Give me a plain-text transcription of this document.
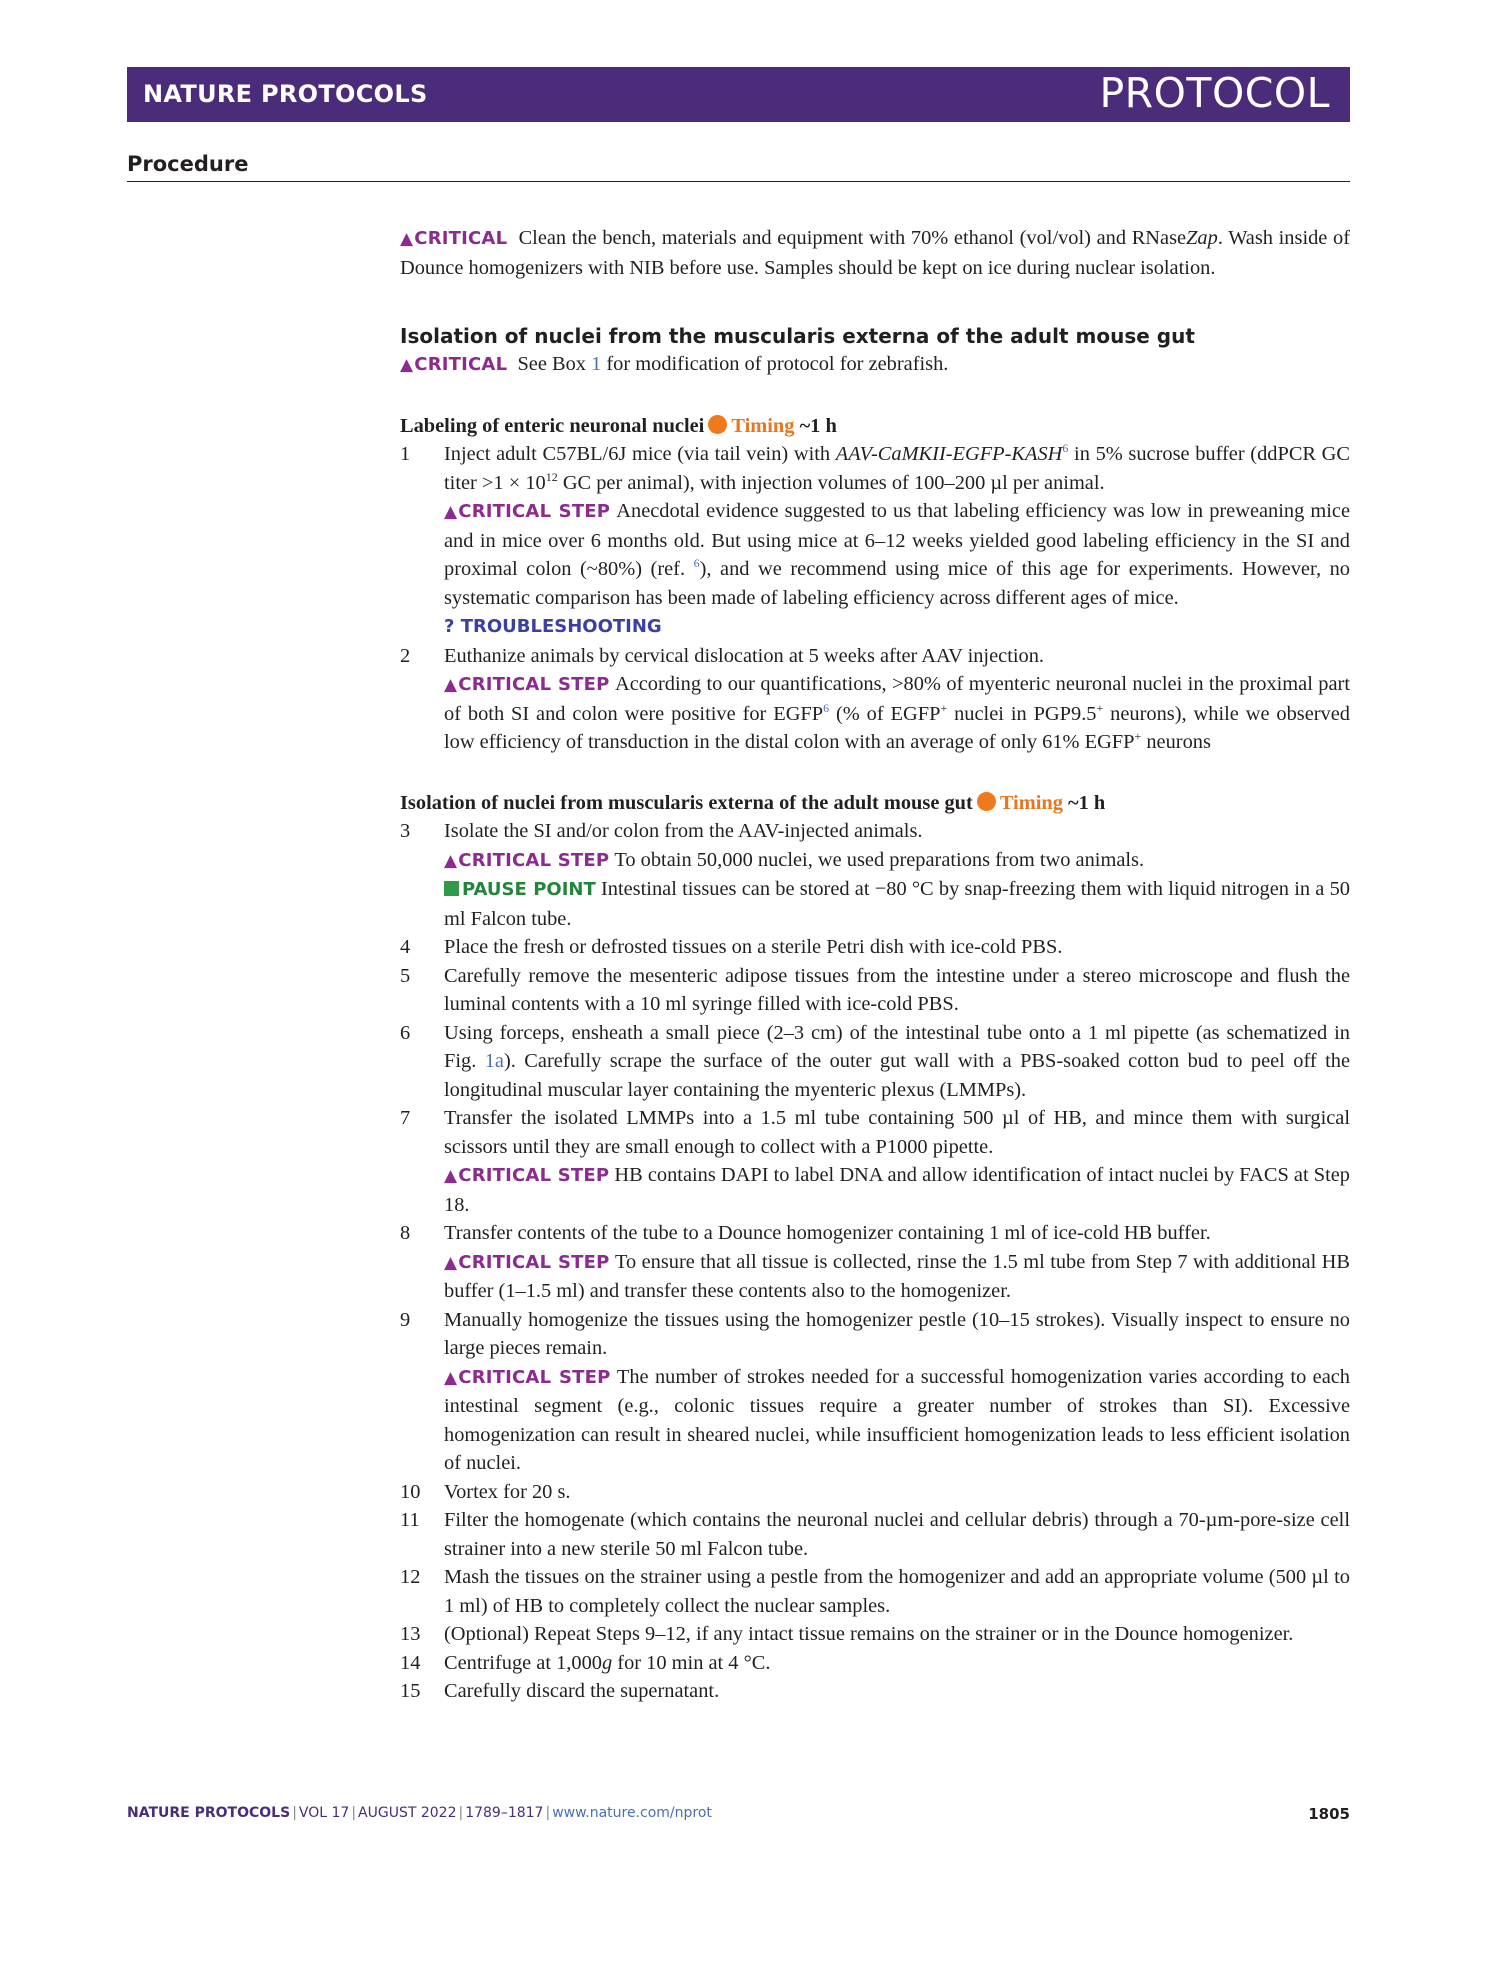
NATURE PROTOCOLS	PROTOCOL
Procedure

▲CRITICAL Clean the bench, materials and equipment with 70% ethanol (vol/vol) and RNaseZap. Wash inside of Dounce homogenizers with NIB before use. Samples should be kept on ice during nuclear isolation.

Isolation of nuclei from the muscularis externa of the adult mouse gut

▲CRITICAL See Box 1 for modification of protocol for zebrafish.

Labeling of enteric neuronal nuclei Timing ~1 h

1 Inject adult C57BL/6J mice (via tail vein) with AAV-CaMKII-EGFP-KASH$^6$ in 5% sucrose buffer (ddPCR GC titer $>1 \times 10^{12}$ GC per animal), with injection volumes of 100–200 µl per animal.

▲CRITICAL STEP Anecdotal evidence suggested to us that labeling efficiency was low in preweaning mice and in mice over 6 months old. But using mice at 6–12 weeks yielded good labeling efficiency in the SI and proximal colon (~80%) (ref. $^6$), and we recommend using mice of this age for experiments. However, no systematic comparison has been made of labeling efficiency across different ages of mice.

? TROUBLESHOOTING

2 Euthanize animals by cervical dislocation at 5 weeks after AAV injection.

▲CRITICAL STEP According to our quantifications, >80% of myenteric neuronal nuclei in the proximal part of both SI and colon were positive for EGFP$^6$ (% of EGFP+ nuclei in PGP9.5+ neurons), while we observed low efficiency of transduction in the distal colon with an average of only 61% EGFP+ neurons

Isolation of nuclei from muscularis externa of the adult mouse gut Timing ~1 h

3 Isolate the SI and/or colon from the AAV-injected animals.

▲CRITICAL STEP To obtain 50,000 nuclei, we used preparations from two animals.

PAUSE POINT Intestinal tissues can be stored at −80 °C by snap-freezing them with liquid nitrogen in a 50 ml Falcon tube.

4 Place the fresh or defrosted tissues on a sterile Petri dish with ice-cold PBS.

5 Carefully remove the mesenteric adipose tissues from the intestine under a stereo microscope and flush the luminal contents with a 10 ml syringe filled with ice-cold PBS.

6 Using forceps, ensheath a small piece (2–3 cm) of the intestinal tube onto a 1 ml pipette (as schematized in Fig. 1a). Carefully scrape the surface of the outer gut wall with a PBS-soaked cotton bud to peel off the longitudinal muscular layer containing the myenteric plexus (LMMPs).

7 Transfer the isolated LMMPs into a 1.5 ml tube containing 500 µl of HB, and mince them with surgical scissors until they are small enough to collect with a P1000 pipette.

▲CRITICAL STEP HB contains DAPI to label DNA and allow identification of intact nuclei by FACS at Step 18.

8 Transfer contents of the tube to a Dounce homogenizer containing 1 ml of ice-cold HB buffer.

▲CRITICAL STEP To ensure that all tissue is collected, rinse the 1.5 ml tube from Step 7 with additional HB buffer (1–1.5 ml) and transfer these contents also to the homogenizer.

9 Manually homogenize the tissues using the homogenizer pestle (10–15 strokes). Visually inspect to ensure no large pieces remain.

▲CRITICAL STEP The number of strokes needed for a successful homogenization varies according to each intestinal segment (e.g., colonic tissues require a greater number of strokes than SI). Excessive homogenization can result in sheared nuclei, while insufficient homogenization leads to less efficient isolation of nuclei.

10 Vortex for 20 s.

11 Filter the homogenate (which contains the neuronal nuclei and cellular debris) through a 70-µm-pore-size cell strainer into a new sterile 50 ml Falcon tube.

12 Mash the tissues on the strainer using a pestle from the homogenizer and add an appropriate volume (500 µl to 1 ml) of HB to completely collect the nuclear samples.

13 (Optional) Repeat Steps 9–12, if any intact tissue remains on the strainer or in the Dounce homogenizer.

14 Centrifuge at 1,000g for 10 min at 4 °C.

15 Carefully discard the supernatant.

NATURE PROTOCOLS | VOL 17 | AUGUST 2022 | 1789–1817 | www.nature.com/nprot	1805
